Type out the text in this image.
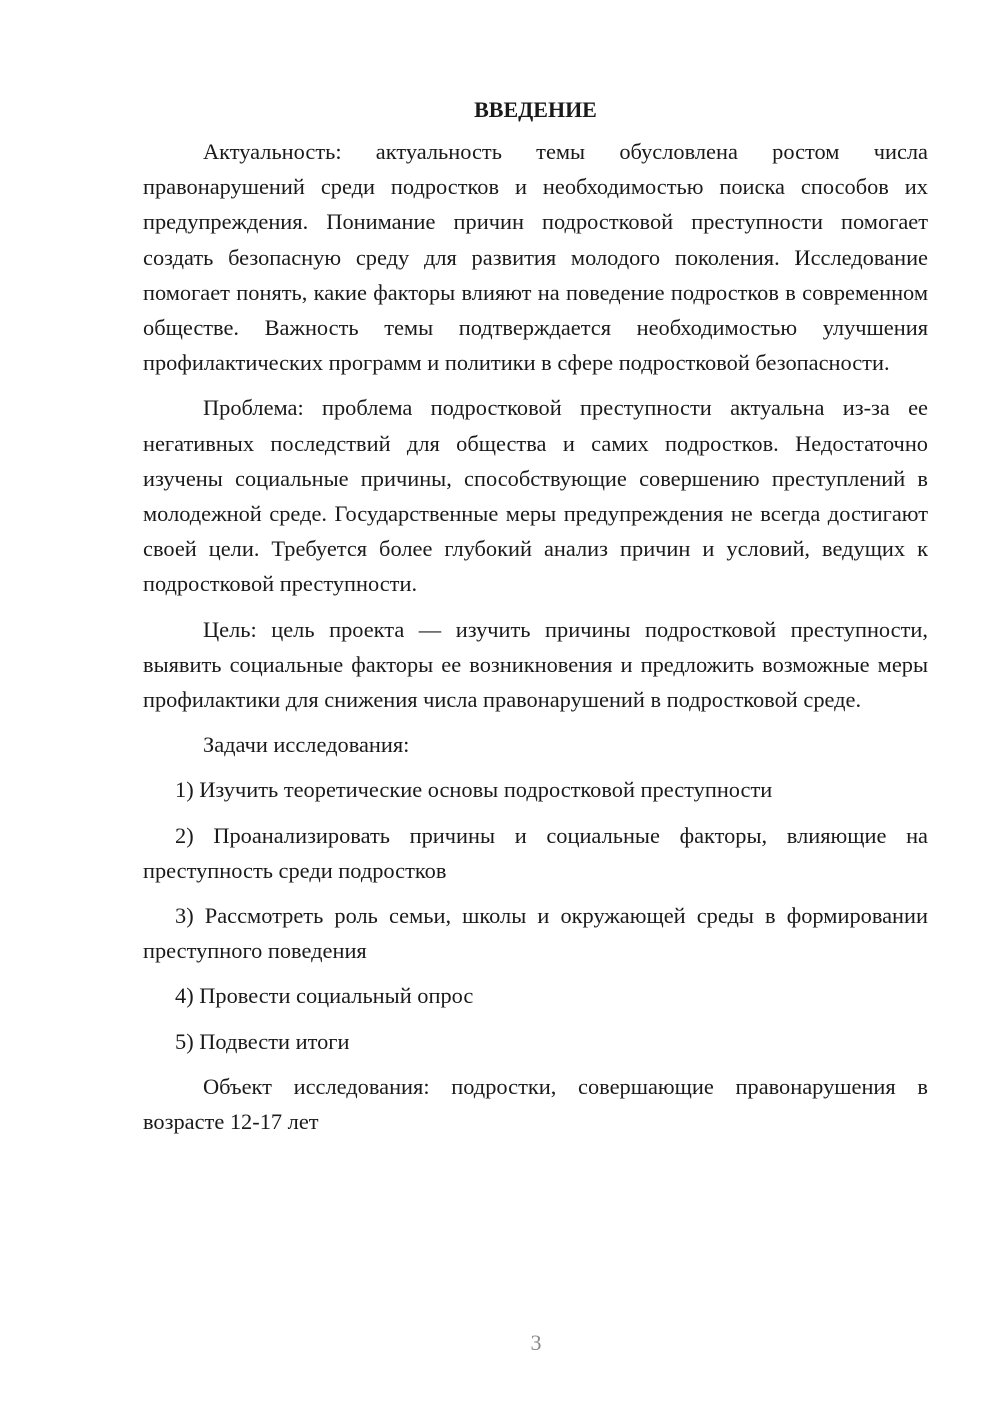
ВВЕДЕНИЕ

Актуальность: актуальность темы обусловлена ростом числа правонарушений среди подростков и необходимостью поиска способов их предупреждения. Понимание причин подростковой преступности помогает создать безопасную среду для развития молодого поколения. Исследование помогает понять, какие факторы влияют на поведение подростков в современном обществе. Важность темы подтверждается необходимостью улучшения профилактических программ и политики в сфере подростковой безопасности.

Проблема: проблема подростковой преступности актуальна из-за ее негативных последствий для общества и самих подростков. Недостаточно изучены социальные причины, способствующие совершению преступлений в молодежной среде. Государственные меры предупреждения не всегда достигают своей цели. Требуется более глубокий анализ причин и условий, ведущих к подростковой преступности.

Цель: цель проекта — изучить причины подростковой преступности, выявить социальные факторы ее возникновения и предложить возможные меры профилактики для снижения числа правонарушений в подростковой среде.

Задачи исследования:

1) Изучить теоретические основы подростковой преступности

2) Проанализировать причины и социальные факторы, влияющие на преступность среди подростков

3) Рассмотреть роль семьи, школы и окружающей среды в формировании преступного поведения

4) Провести социальный опрос

5) Подвести итоги

Объект исследования: подростки, совершающие правонарушения в возрасте 12-17 лет

3
